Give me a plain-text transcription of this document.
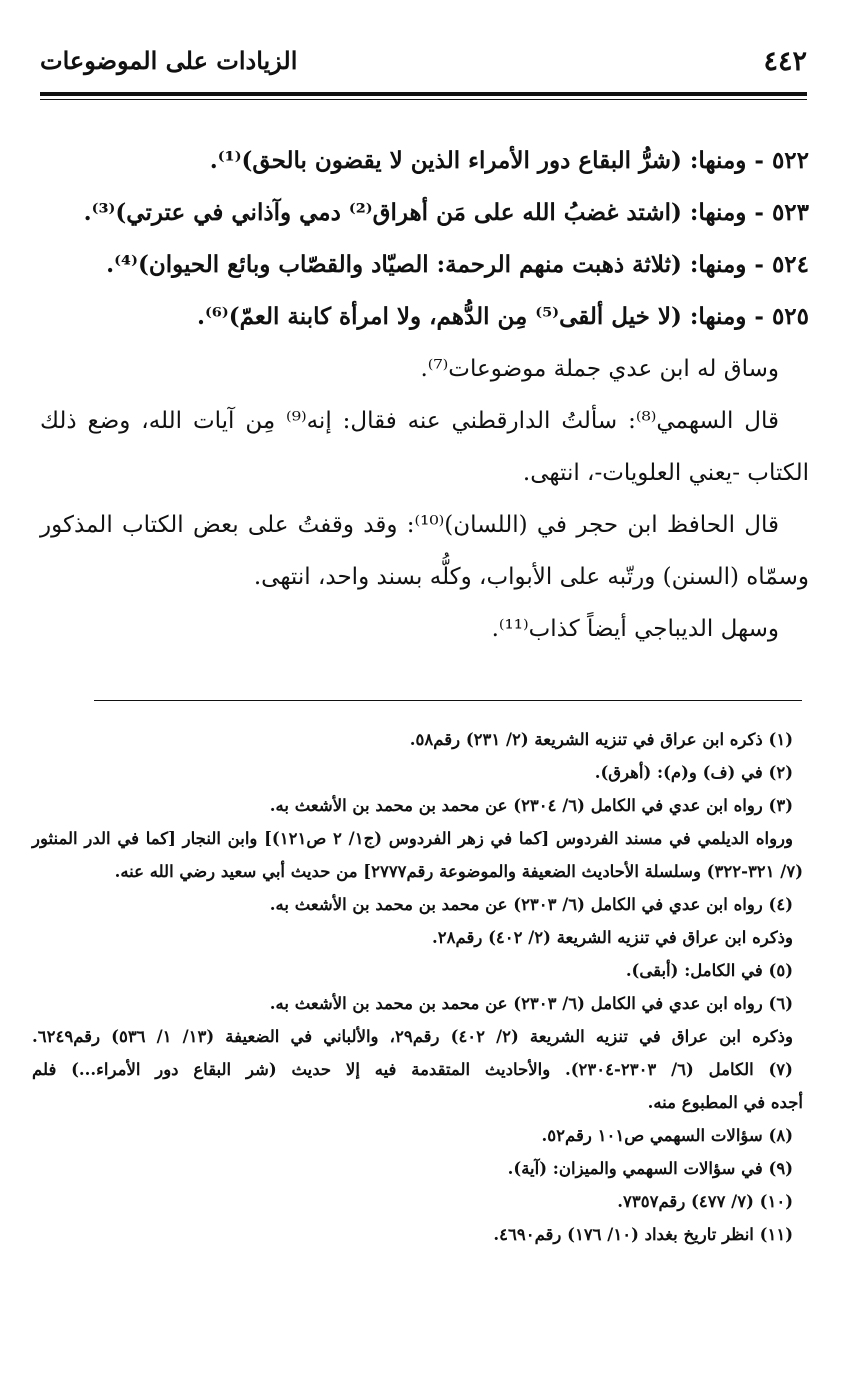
٤٤٢
الزيادات على الموضوعات

٥٢٢ - ومنها: (شرُّ البقاع دور الأمراء الذين لا يقضون بالحق)⁽¹⁾.

٥٢٣ - ومنها: (اشتد غضبُ الله على مَن أهراق⁽²⁾ دمي وآذاني في عترتي)⁽³⁾.

٥٢٤ - ومنها: (ثلاثة ذهبت منهم الرحمة: الصيّاد والقصّاب وبائع الحيوان)⁽⁴⁾.

٥٢٥ - ومنها: (لا خيل ألقى⁽⁵⁾ مِن الدُّهم، ولا امرأة كابنة العمّ)⁽⁶⁾.

وساق له ابن عدي جملة موضوعات⁽⁷⁾.

قال السهمي⁽⁸⁾: سألتُ الدارقطني عنه فقال: إنه⁽⁹⁾ مِن آيات الله، وضع ذلك

الكتاب -يعني العلويات-، انتهى.

قال الحافظ ابن حجر في (اللسان)⁽¹⁰⁾: وقد وقفتُ على بعض الكتاب المذكور

وسمّاه (السنن) ورتّبه على الأبواب، وكلُّه بسند واحد، انتهى.

وسهل الديباجي أيضاً كذاب⁽¹¹⁾.

(١) ذكره ابن عراق في تنزيه الشريعة (٢/ ٢٣١) رقم٥٨.

(٢) في (ف) و(م): (أهرق).

(٣) رواه ابن عدي في الكامل (٦/ ٢٣٠٤) عن محمد بن محمد بن الأشعث به.

ورواه الديلمي في مسند الفردوس [كما في زهر الفردوس (ج١/ ٢ ص١٢١)] وابن النجار [كما في الدر المنثور

(٧/ ٣٢١-٣٢٢) وسلسلة الأحاديث الضعيفة والموضوعة رقم٢٧٧٧] من حديث أبي سعيد رضي الله عنه.

(٤) رواه ابن عدي في الكامل (٦/ ٢٣٠٣) عن محمد بن محمد بن الأشعث به.

وذكره ابن عراق في تنزيه الشريعة (٢/ ٤٠٢) رقم٢٨.

(٥) في الكامل: (أبقى).

(٦) رواه ابن عدي في الكامل (٦/ ٢٣٠٣) عن محمد بن محمد بن الأشعث به.

وذكره ابن عراق في تنزيه الشريعة (٢/ ٤٠٢) رقم٢٩، والألباني في الضعيفة (١٣/ ١/ ٥٣٦) رقم٦٢٤٩.

(٧) الكامل (٦/ ٢٣٠٣-٢٣٠٤). والأحاديث المتقدمة فيه إلا حديث (شر البقاع دور الأمراء...) فلم

أجده في المطبوع منه.

(٨) سؤالات السهمي ص١٠١ رقم٥٢.

(٩) في سؤالات السهمي والميزان: (آية).

(١٠) (٧/ ٤٧٧) رقم٧٣٥٧.

(١١) انظر تاريخ بغداد (١٠/ ١٧٦) رقم٤٦٩٠.
